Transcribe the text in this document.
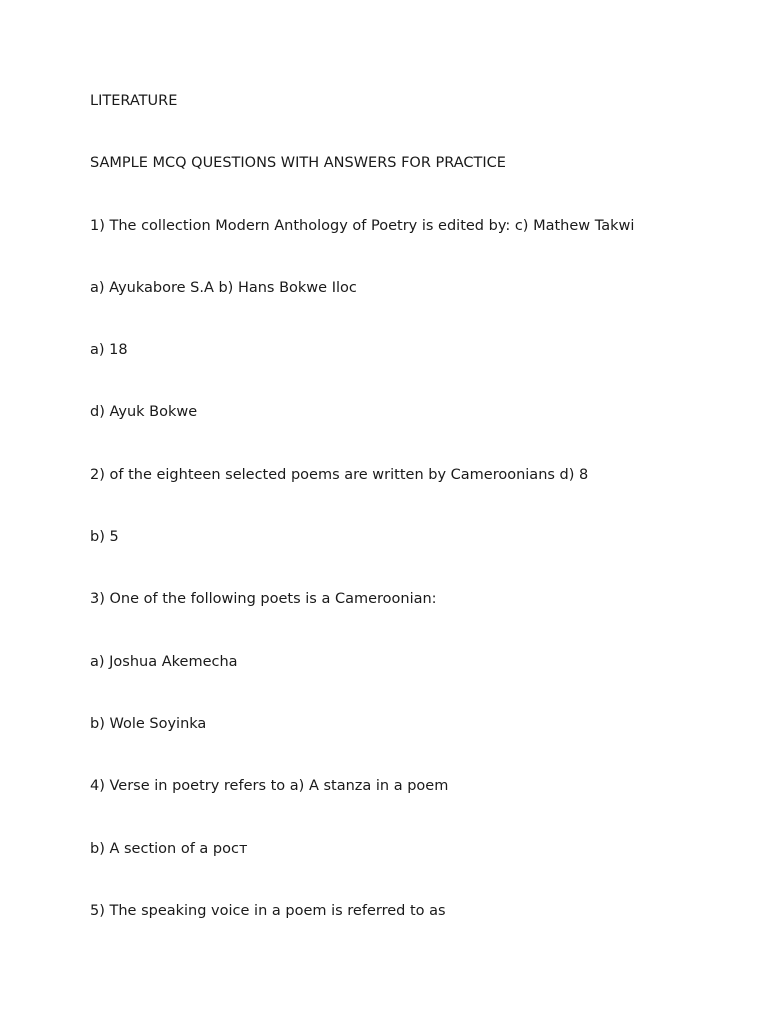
LITERATURE

SAMPLE MCQ QUESTIONS WITH ANSWERS FOR PRACTICE

1) The collection Modern Anthology of Poetry is edited by: c) Mathew Takwi

a) Ayukabore S.A b) Hans Bokwe Iloc

a) 18

d) Ayuk Bokwe

2) of the eighteen selected poems are written by Cameroonians d) 8

b) 5

3) One of the following poets is a Cameroonian:

a) Joshua Akemecha

b) Wole Soyinka

4) Verse in poetry refers to a) A stanza in a poem

b) A section of a poст

5) The speaking voice in a poem is referred to as
